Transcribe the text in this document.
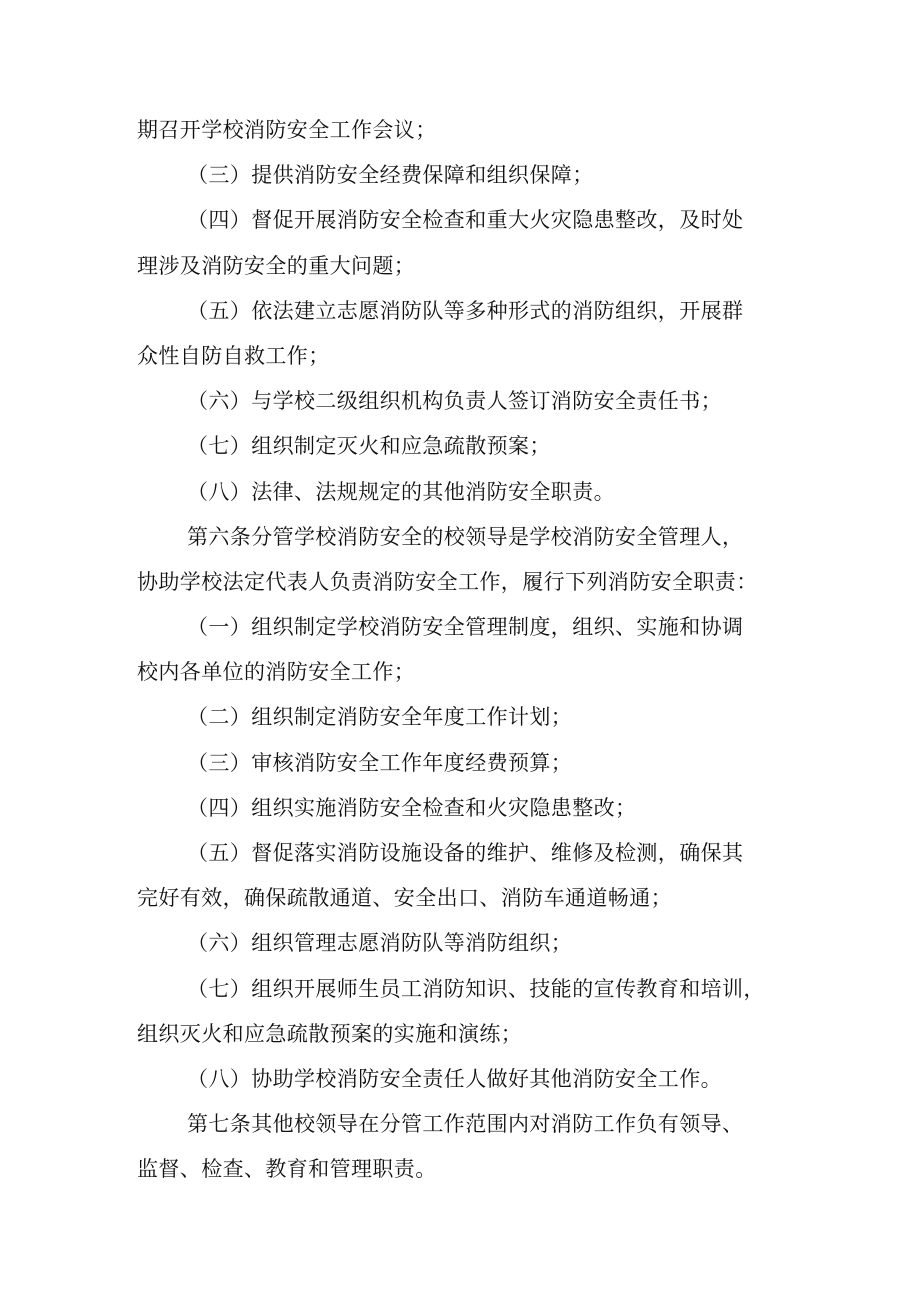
期召开学校消防安全工作会议；
（三）提供消防安全经费保障和组织保障；
（四）督促开展消防安全检查和重大火灾隐患整改，及时处
理涉及消防安全的重大问题；
（五）依法建立志愿消防队等多种形式的消防组织，开展群
众性自防自救工作；
（六）与学校二级组织机构负责人签订消防安全责任书；
（七）组织制定灭火和应急疏散预案；
（八）法律、法规规定的其他消防安全职责。
第六条分管学校消防安全的校领导是学校消防安全管理人，
协助学校法定代表人负责消防安全工作，履行下列消防安全职责：
（一）组织制定学校消防安全管理制度，组织、实施和协调
校内各单位的消防安全工作；
（二）组织制定消防安全年度工作计划；
（三）审核消防安全工作年度经费预算；
（四）组织实施消防安全检查和火灾隐患整改；
（五）督促落实消防设施设备的维护、维修及检测，确保其
完好有效，确保疏散通道、安全出口、消防车通道畅通；
（六）组织管理志愿消防队等消防组织；
（七）组织开展师生员工消防知识、技能的宣传教育和培训，
组织灭火和应急疏散预案的实施和演练；
（八）协助学校消防安全责任人做好其他消防安全工作。
第七条其他校领导在分管工作范围内对消防工作负有领导、
监督、检查、教育和管理职责。
